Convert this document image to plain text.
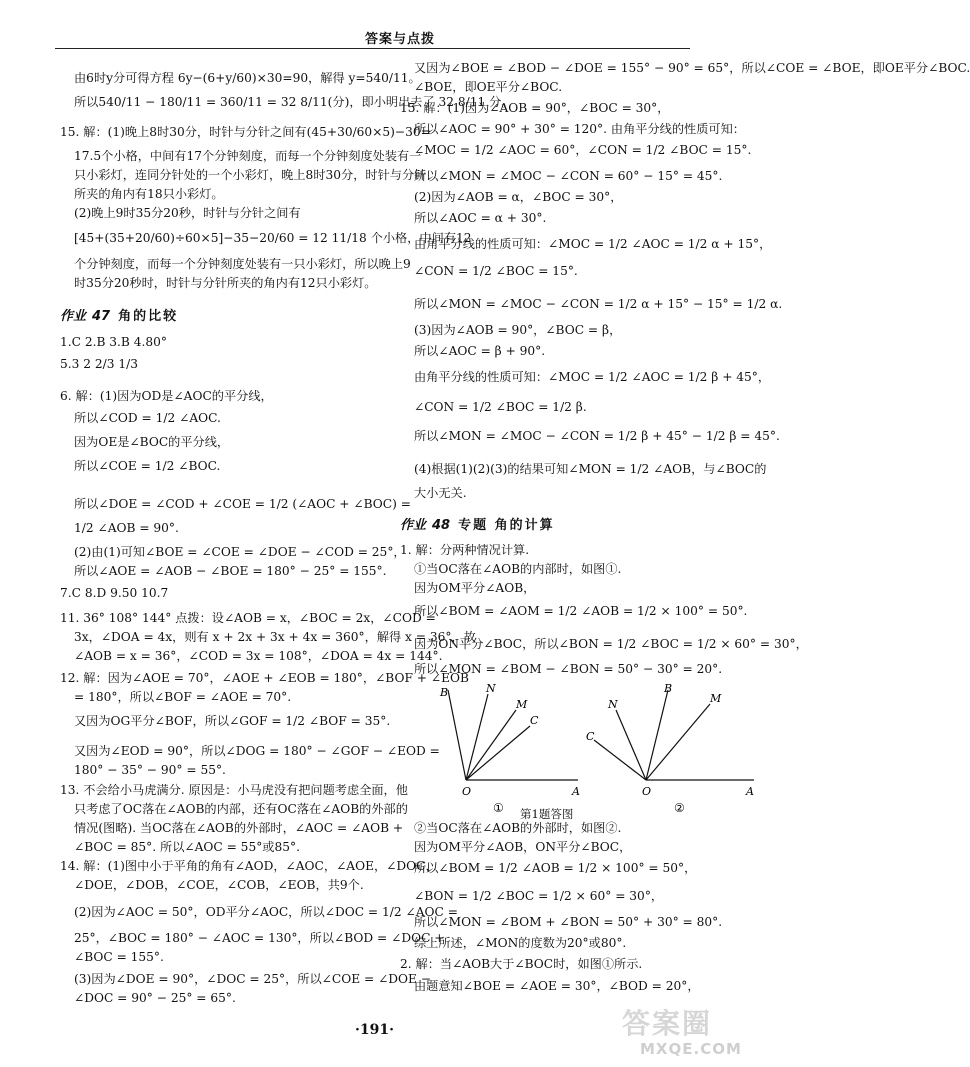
答案与点拨
由6时y分可得方程 6y−(6+y/60)×30=90，解得 y=540/11。
所以540/11 − 180/11 = 360/11 = 32 8/11(分)，即小明出去了 32 8/11 分。
15. 解：(1)晚上8时30分，时针与分针之间有(45+30/60×5)−30=
17.5个小格，中间有17个分钟刻度，而每一个分钟刻度处装有一
只小彩灯，连同分针处的一个小彩灯，晚上8时30分，时针与分针
所夹的角内有18只小彩灯。
(2)晚上9时35分20秒，时针与分针之间有
[45+(35+20/60)÷60×5]−35−20/60 = 12 11/18 个小格，中间有12
个分钟刻度，而每一个分钟刻度处装有一只小彩灯，所以晚上9
时35分20秒时，时针与分针所夹的角内有12只小彩灯。
作业 47 角的比较
1.C 2.B 3.B 4.80°
5.3 2 2/3 1/3
6. 解：(1)因为OD是∠AOC的平分线，
所以∠COD = 1/2 ∠AOC.
因为OE是∠BOC的平分线，
所以∠COE = 1/2 ∠BOC.
所以∠DOE = ∠COD + ∠COE = 1/2 (∠AOC + ∠BOC) =
1/2 ∠AOB = 90°.
(2)由(1)可知∠BOE = ∠COE = ∠DOE − ∠COD = 25°，
所以∠AOE = ∠AOB − ∠BOE = 180° − 25° = 155°.
7.C 8.D 9.50 10.7
11. 36° 108° 144° 点拨：设∠AOB = x，∠BOC = 2x，∠COD =
3x，∠DOA = 4x，则有 x + 2x + 3x + 4x = 360°，解得 x = 36°，故
∠AOB = x = 36°，∠COD = 3x = 108°，∠DOA = 4x = 144°.
12. 解：因为∠AOE = 70°，∠AOE + ∠EOB = 180°，∠BOF + ∠EOB
= 180°，所以∠BOF = ∠AOE = 70°.
又因为OG平分∠BOF，所以∠GOF = 1/2 ∠BOF = 35°.
又因为∠EOD = 90°，所以∠DOG = 180° − ∠GOF − ∠EOD =
180° − 35° − 90° = 55°.
13. 不会给小马虎满分. 原因是：小马虎没有把问题考虑全面，他
只考虑了OC落在∠AOB的内部，还有OC落在∠AOB的外部的
情况(图略). 当OC落在∠AOB的外部时，∠AOC = ∠AOB +
∠BOC = 85°. 所以∠AOC = 55°或85°.
14. 解：(1)图中小于平角的角有∠AOD，∠AOC，∠AOE，∠DOC，
∠DOE，∠DOB，∠COE，∠COB，∠EOB，共9个.
(2)因为∠AOC = 50°，OD平分∠AOC，所以∠DOC = 1/2 ∠AOC =
25°，∠BOC = 180° − ∠AOC = 130°，所以∠BOD = ∠DOC +
∠BOC = 155°.
(3)因为∠DOE = 90°，∠DOC = 25°，所以∠COE = ∠DOE −
∠DOC = 90° − 25° = 65°.
又因为∠BOE = ∠BOD − ∠DOE = 155° − 90° = 65°，所以∠COE = ∠BOE，即OE平分∠BOC.
∠BOE，即OE平分∠BOC.
15. 解：(1)因为∠AOB = 90°，∠BOC = 30°，
所以∠AOC = 90° + 30° = 120°. 由角平分线的性质可知：
∠MOC = 1/2 ∠AOC = 60°，∠CON = 1/2 ∠BOC = 15°.
所以∠MON = ∠MOC − ∠CON = 60° − 15° = 45°.
(2)因为∠AOB = α，∠BOC = 30°，
所以∠AOC = α + 30°.
由角平分线的性质可知：∠MOC = 1/2 ∠AOC = 1/2 α + 15°，
∠CON = 1/2 ∠BOC = 15°.
所以∠MON = ∠MOC − ∠CON = 1/2 α + 15° − 15° = 1/2 α.
(3)因为∠AOB = 90°，∠BOC = β，
所以∠AOC = β + 90°.
由角平分线的性质可知：∠MOC = 1/2 ∠AOC = 1/2 β + 45°，
∠CON = 1/2 ∠BOC = 1/2 β.
所以∠MON = ∠MOC − ∠CON = 1/2 β + 45° − 1/2 β = 45°.
(4)根据(1)(2)(3)的结果可知∠MON = 1/2 ∠AOB，与∠BOC的
大小无关.
作业 48 专题 角的计算
1. 解：分两种情况计算.
①当OC落在∠AOB的内部时，如图①.
因为OM平分∠AOB，
所以∠BOM = ∠AOM = 1/2 ∠AOB = 1/2 × 100° = 50°.
因为ON平分∠BOC，所以∠BON = 1/2 ∠BOC = 1/2 × 60° = 30°，
所以∠MON = ∠BOM − ∠BON = 50° − 30° = 20°.
②当OC落在∠AOB的外部时，如图②.
因为OM平分∠AOB，ON平分∠BOC，
所以∠BOM = 1/2 ∠AOB = 1/2 × 100° = 50°，
∠BON = 1/2 ∠BOC = 1/2 × 60° = 30°，
所以∠MON = ∠BOM + ∠BON = 50° + 30° = 80°.
综上所述，∠MON的度数为20°或80°.
2. 解：当∠AOB大于∠BOC时，如图①所示.
由题意知∠BOE = ∠AOE = 30°，∠BOD = 20°，
B	N
M
C
O	A
①
N
B
M
C
O	A
②
第1题答图
·191·	答案圈
MXQE.COM
